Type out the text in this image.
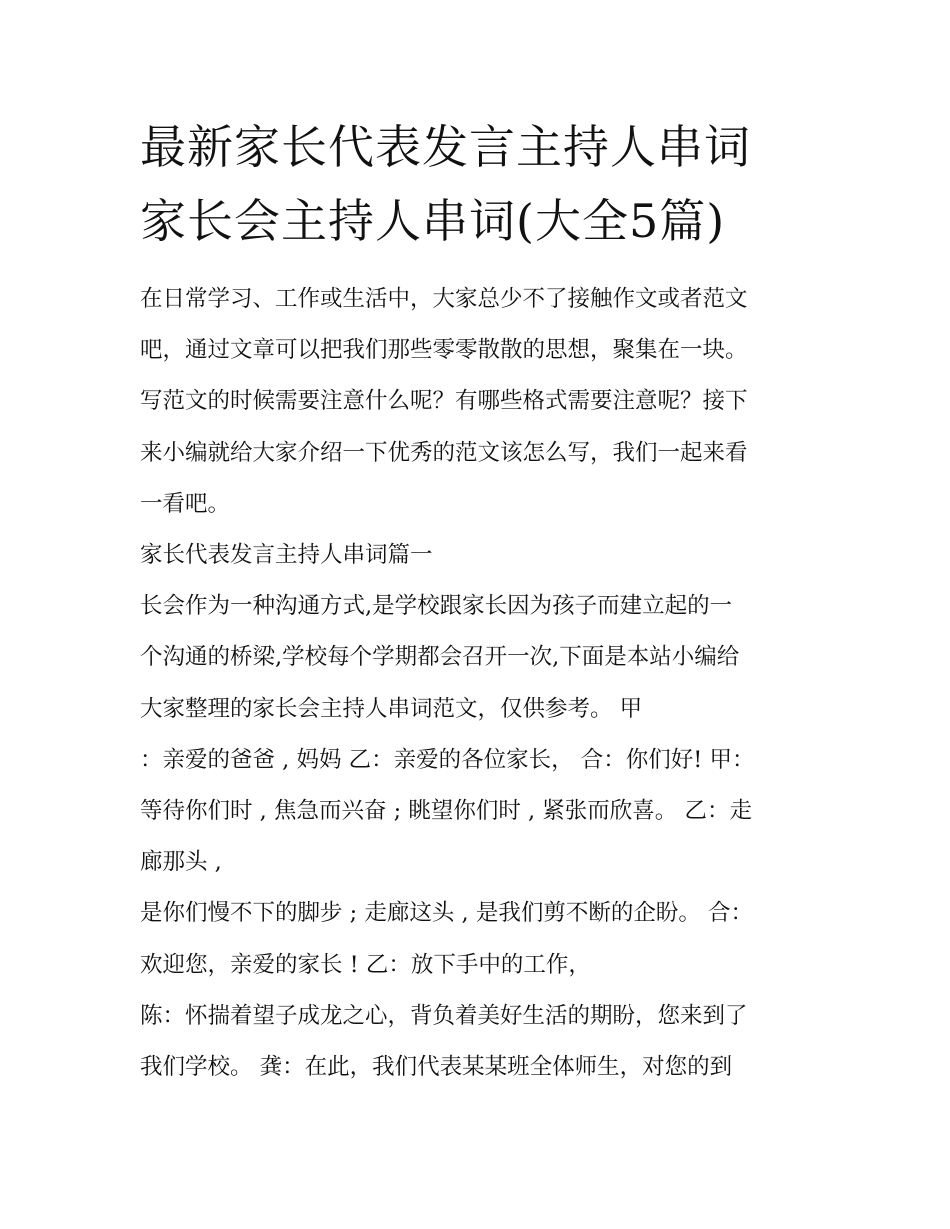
最新家长代表发言主持人串词
家长会主持人串词(大全5篇)
在日常学习、工作或生活中，大家总少不了接触作文或者范文
吧，通过文章可以把我们那些零零散散的思想，聚集在一块。
写范文的时候需要注意什么呢？有哪些格式需要注意呢？接下
来小编就给大家介绍一下优秀的范文该怎么写，我们一起来看
一看吧。
家长代表发言主持人串词篇一
长会作为一种沟通方式,是学校跟家长因为孩子而建立起的一
个沟通的桥梁,学校每个学期都会召开一次,下面是本站小编给
大家整理的家长会主持人串词范文，仅供参考。 甲
：亲爱的爸爸 , 妈妈 乙：亲爱的各位家长， 合：你们好! 甲：
等待你们时 , 焦急而兴奋 ; 眺望你们时 , 紧张而欣喜。 乙：走
廊那头 ,
是你们慢不下的脚步 ; 走廊这头 , 是我们剪不断的企盼。 合：
欢迎您，亲爱的家长 ! 乙：放下手中的工作，
陈：怀揣着望子成龙之心，背负着美好生活的期盼，您来到了
我们学校。 龚：在此，我们代表某某班全体师生，对您的到
